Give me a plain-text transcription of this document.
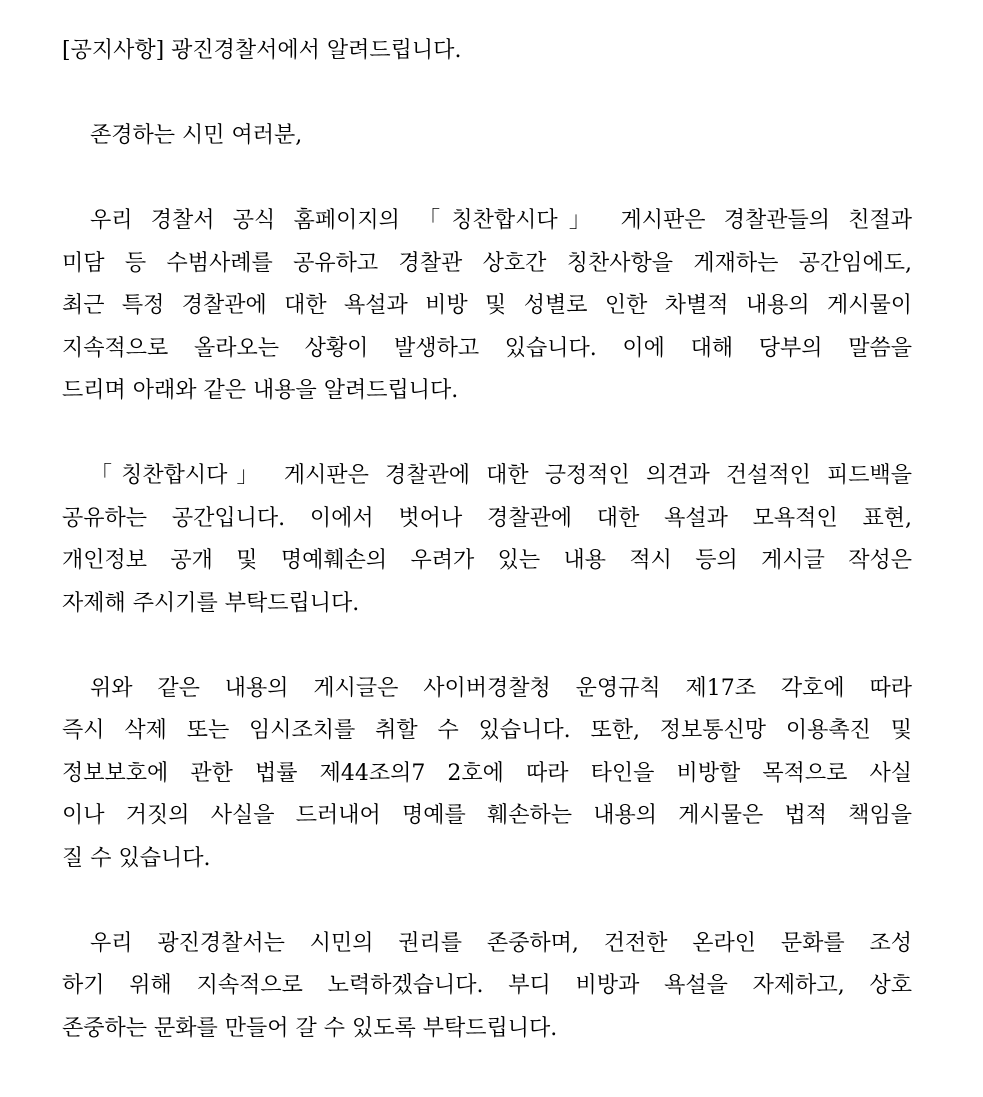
[공지사항] 광진경찰서에서 알려드립니다.
존경하는 시민 여러분,
우리 경찰서 공식 홈페이지의 「칭찬합시다」 게시판은 경찰관들의 친절과
미담 등 수범사례를 공유하고 경찰관 상호간 칭찬사항을 게재하는 공간임에도,
최근 특정 경찰관에 대한 욕설과 비방 및 성별로 인한 차별적 내용의 게시물이
지속적으로 올라오는 상황이 발생하고 있습니다. 이에 대해 당부의 말씀을
드리며 아래와 같은 내용을 알려드립니다.
「칭찬합시다」 게시판은 경찰관에 대한 긍정적인 의견과 건설적인 피드백을
공유하는 공간입니다. 이에서 벗어나 경찰관에 대한 욕설과 모욕적인 표현,
개인정보 공개 및 명예훼손의 우려가 있는 내용 적시 등의 게시글 작성은
자제해 주시기를 부탁드립니다.
위와 같은 내용의 게시글은 사이버경찰청 운영규칙 제17조 각호에 따라
즉시 삭제 또는 임시조치를 취할 수 있습니다. 또한, 정보통신망 이용촉진 및
정보보호에 관한 법률 제44조의7 2호에 따라 타인을 비방할 목적으로 사실
이나 거짓의 사실을 드러내어 명예를 훼손하는 내용의 게시물은 법적 책임을
질 수 있습니다.
우리 광진경찰서는 시민의 권리를 존중하며, 건전한 온라인 문화를 조성
하기 위해 지속적으로 노력하겠습니다. 부디 비방과 욕설을 자제하고, 상호
존중하는 문화를 만들어 갈 수 있도록 부탁드립니다.
